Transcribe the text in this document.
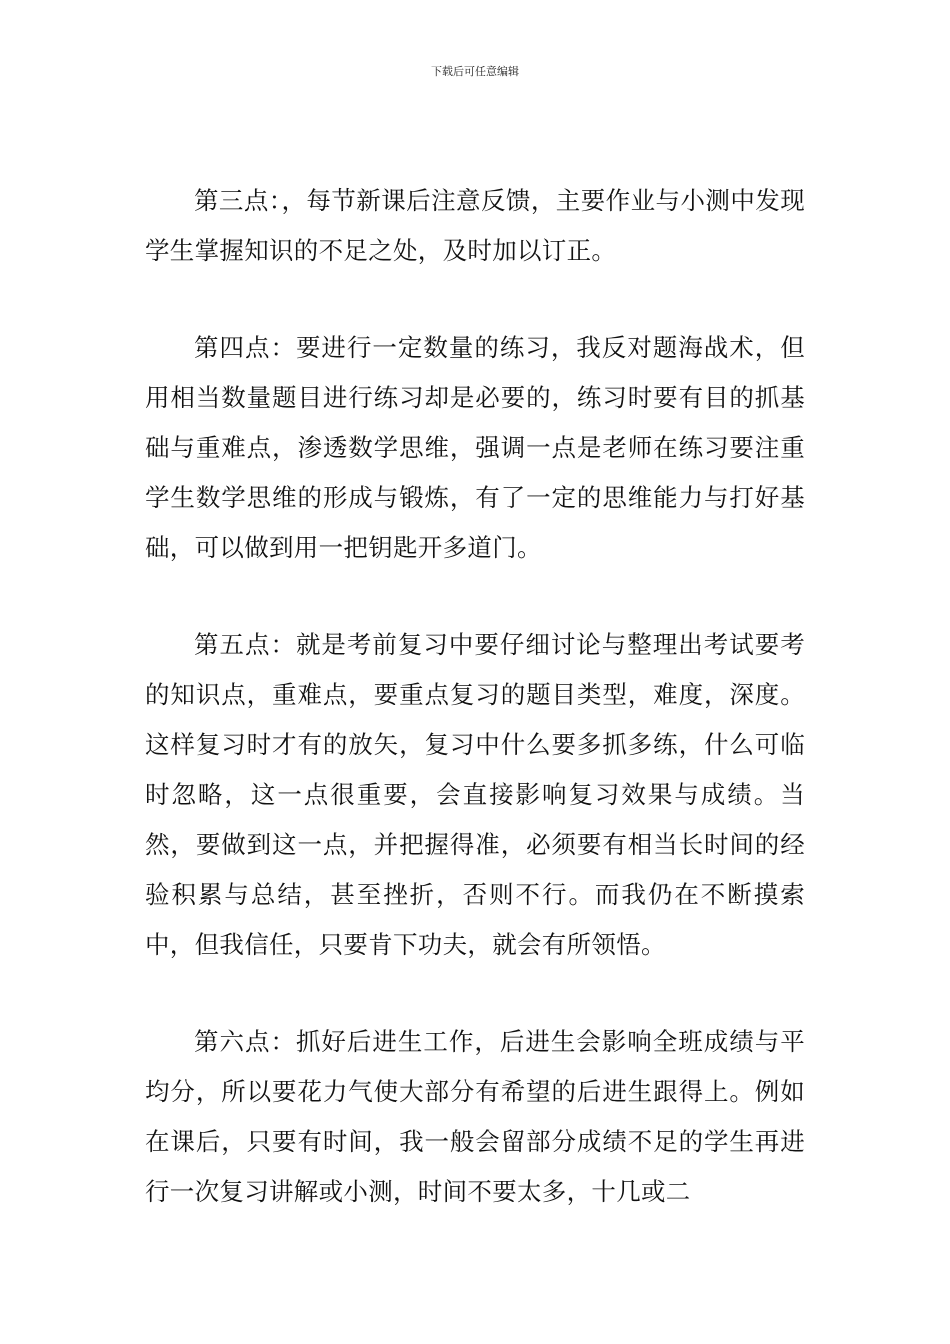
下载后可任意编辑

第三点：，每节新课后注意反馈，主要作业与小测中发现学生掌握知识的不足之处，及时加以订正。

第四点：要进行一定数量的练习，我反对题海战术，但用相当数量题目进行练习却是必要的，练习时要有目的抓基础与重难点，渗透数学思维，强调一点是老师在练习要注重学生数学思维的形成与锻炼，有了一定的思维能力与打好基础，可以做到用一把钥匙开多道门。

第五点：就是考前复习中要仔细讨论与整理出考试要考的知识点，重难点，要重点复习的题目类型，难度，深度。这样复习时才有的放矢，复习中什么要多抓多练，什么可临时忽略，这一点很重要，会直接影响复习效果与成绩。当然，要做到这一点，并把握得准，必须要有相当长时间的经验积累与总结，甚至挫折，否则不行。而我仍在不断摸索中，但我信任，只要肯下功夫，就会有所领悟。

第六点：抓好后进生工作，后进生会影响全班成绩与平均分，所以要花力气使大部分有希望的后进生跟得上。例如在课后，只要有时间，我一般会留部分成绩不足的学生再进行一次复习讲解或小测，时间不要太多，十几或二
